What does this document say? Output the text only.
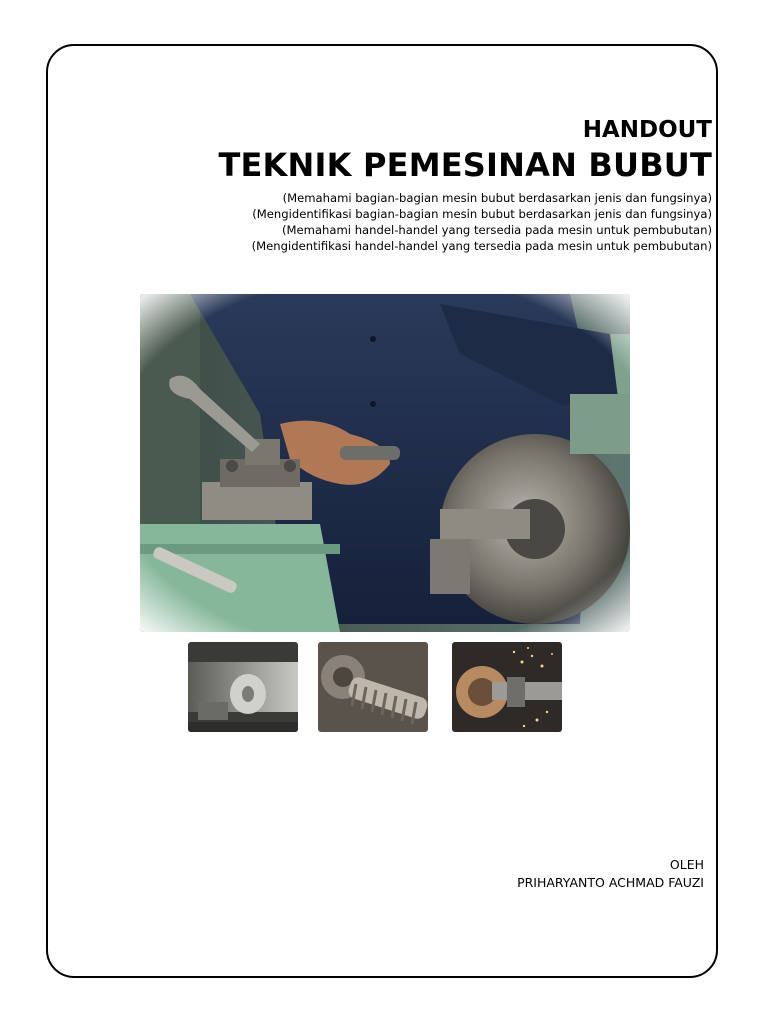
HANDOUT

TEKNIK PEMESINAN BUBUT

(Memahami bagian-bagian mesin bubut berdasarkan jenis dan fungsinya)

(Mengidentifikasi bagian-bagian mesin bubut berdasarkan jenis dan fungsinya)

(Memahami handel-handel yang tersedia pada mesin untuk pembubutan)

(Mengidentifikasi handel-handel yang tersedia pada mesin untuk pembubutan)

OLEH
PRIHARYANTO ACHMAD FAUZI
